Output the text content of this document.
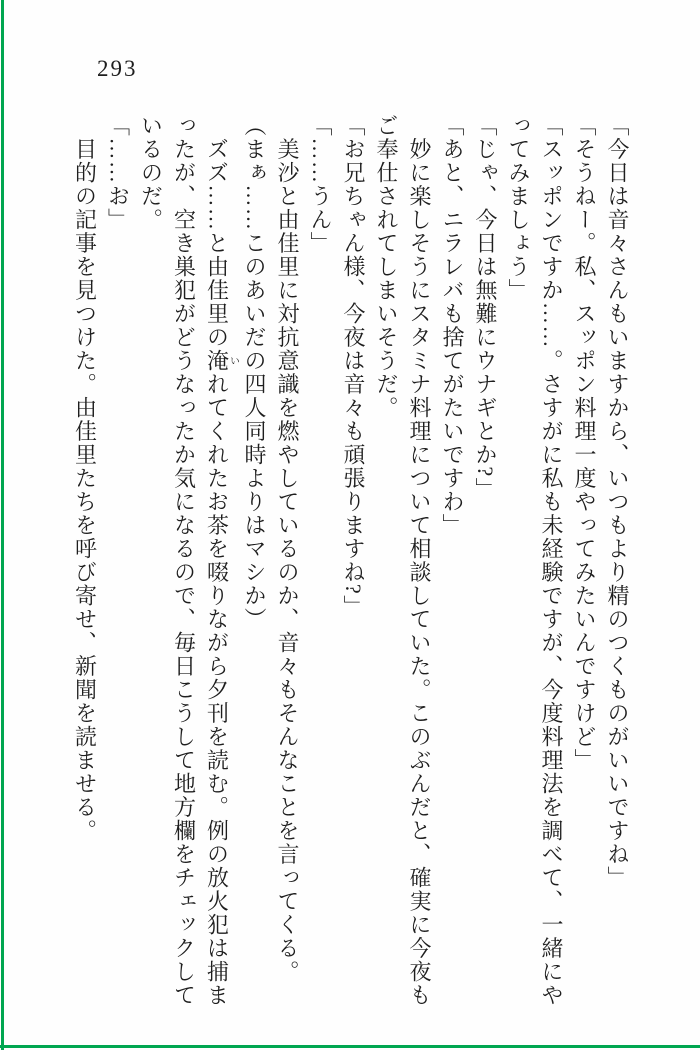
293

「今日は音々さんもいますから、いつもより精のつくものがいいですね」

「そうねー。私、スッポン料理一度やってみたいんですけど」

「スッポンですか……。さすがに私も未経験ですが、今度料理法を調べて、一緒にや

ってみましょう」

「じゃ、今日は無難にウナギとか?」

「あと、ニラレバも捨てがたいですわ」

　妙に楽しそうにスタミナ料理について相談していた。このぶんだと、確実に今夜も

ご奉仕されてしまいそうだ。

「お兄ちゃん様、今夜は音々も頑張りますね?」

「……うん」

　美沙と由佳里に対抗意識を燃やしているのか、音々もそんなことを言ってくる。

（まぁ……このあいだの四人同時よりはマシか）

　ズズ……と由佳里の淹いれてくれたお茶を啜りながら夕刊を読む。例の放火犯は捕ま

ったが、空き巣犯がどうなったか気になるので、毎日こうして地方欄をチェックして

いるのだ。

「……お」

　目的の記事を見つけた。由佳里たちを呼び寄せ、新聞を読ませる。
